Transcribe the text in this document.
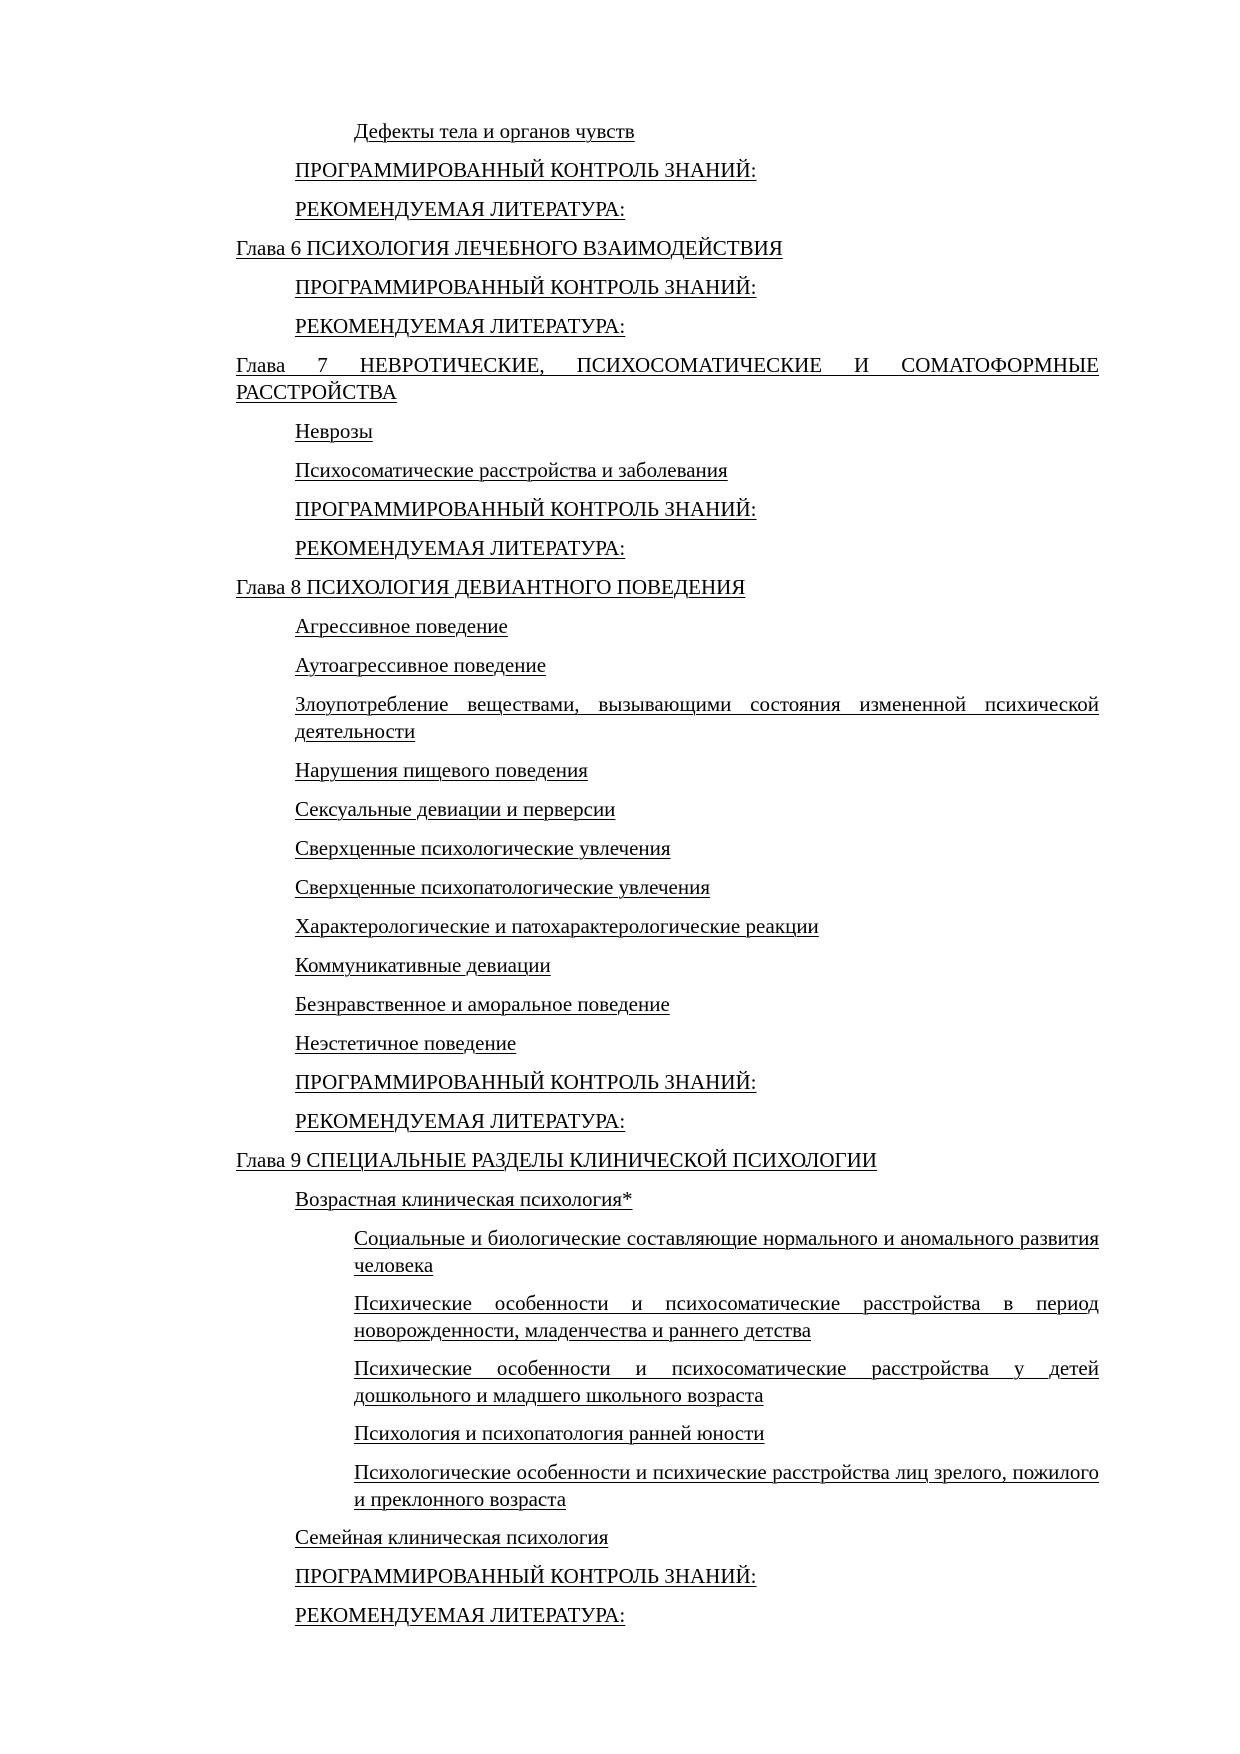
Дефекты тела и органов чувств
ПРОГРАММИРОВАННЫЙ КОНТРОЛЬ ЗНАНИЙ:
РЕКОМЕНДУЕМАЯ ЛИТЕРАТУРА:
Глава 6 ПСИХОЛОГИЯ ЛЕЧЕБНОГО ВЗАИМОДЕЙСТВИЯ
ПРОГРАММИРОВАННЫЙ КОНТРОЛЬ ЗНАНИЙ:
РЕКОМЕНДУЕМАЯ ЛИТЕРАТУРА:
Глава 7 НЕВРОТИЧЕСКИЕ, ПСИХОСОМАТИЧЕСКИЕ И СОМАТОФОРМНЫЕ РАССТРОЙСТВА
Неврозы
Психосоматические расстройства и заболевания
ПРОГРАММИРОВАННЫЙ КОНТРОЛЬ ЗНАНИЙ:
РЕКОМЕНДУЕМАЯ ЛИТЕРАТУРА:
Глава 8 ПСИХОЛОГИЯ ДЕВИАНТНОГО ПОВЕДЕНИЯ
Агрессивное поведение
Аутоагрессивное поведение
Злоупотребление веществами, вызывающими состояния измененной психической деятельности
Нарушения пищевого поведения
Сексуальные девиации и перверсии
Сверхценные психологические увлечения
Сверхценные психопатологические увлечения
Характерологические и патохарактерологические реакции
Коммуникативные девиации
Безнравственное и аморальное поведение
Неэстетичное поведение
ПРОГРАММИРОВАННЫЙ КОНТРОЛЬ ЗНАНИЙ:
РЕКОМЕНДУЕМАЯ ЛИТЕРАТУРА:
Глава 9 СПЕЦИАЛЬНЫЕ РАЗДЕЛЫ КЛИНИЧЕСКОЙ ПСИХОЛОГИИ
Возрастная клиническая психология*
Социальные и биологические составляющие нормального и аномального развития человека
Психические особенности и психосоматические расстройства в период новорожденности, младенчества и раннего детства
Психические особенности и психосоматические расстройства у детей дошкольного и младшего школьного возраста
Психология и психопатология ранней юности
Психологические особенности и психические расстройства лиц зрелого, пожилого и преклонного возраста
Семейная клиническая психология
ПРОГРАММИРОВАННЫЙ КОНТРОЛЬ ЗНАНИЙ:
РЕКОМЕНДУЕМАЯ ЛИТЕРАТУРА:
